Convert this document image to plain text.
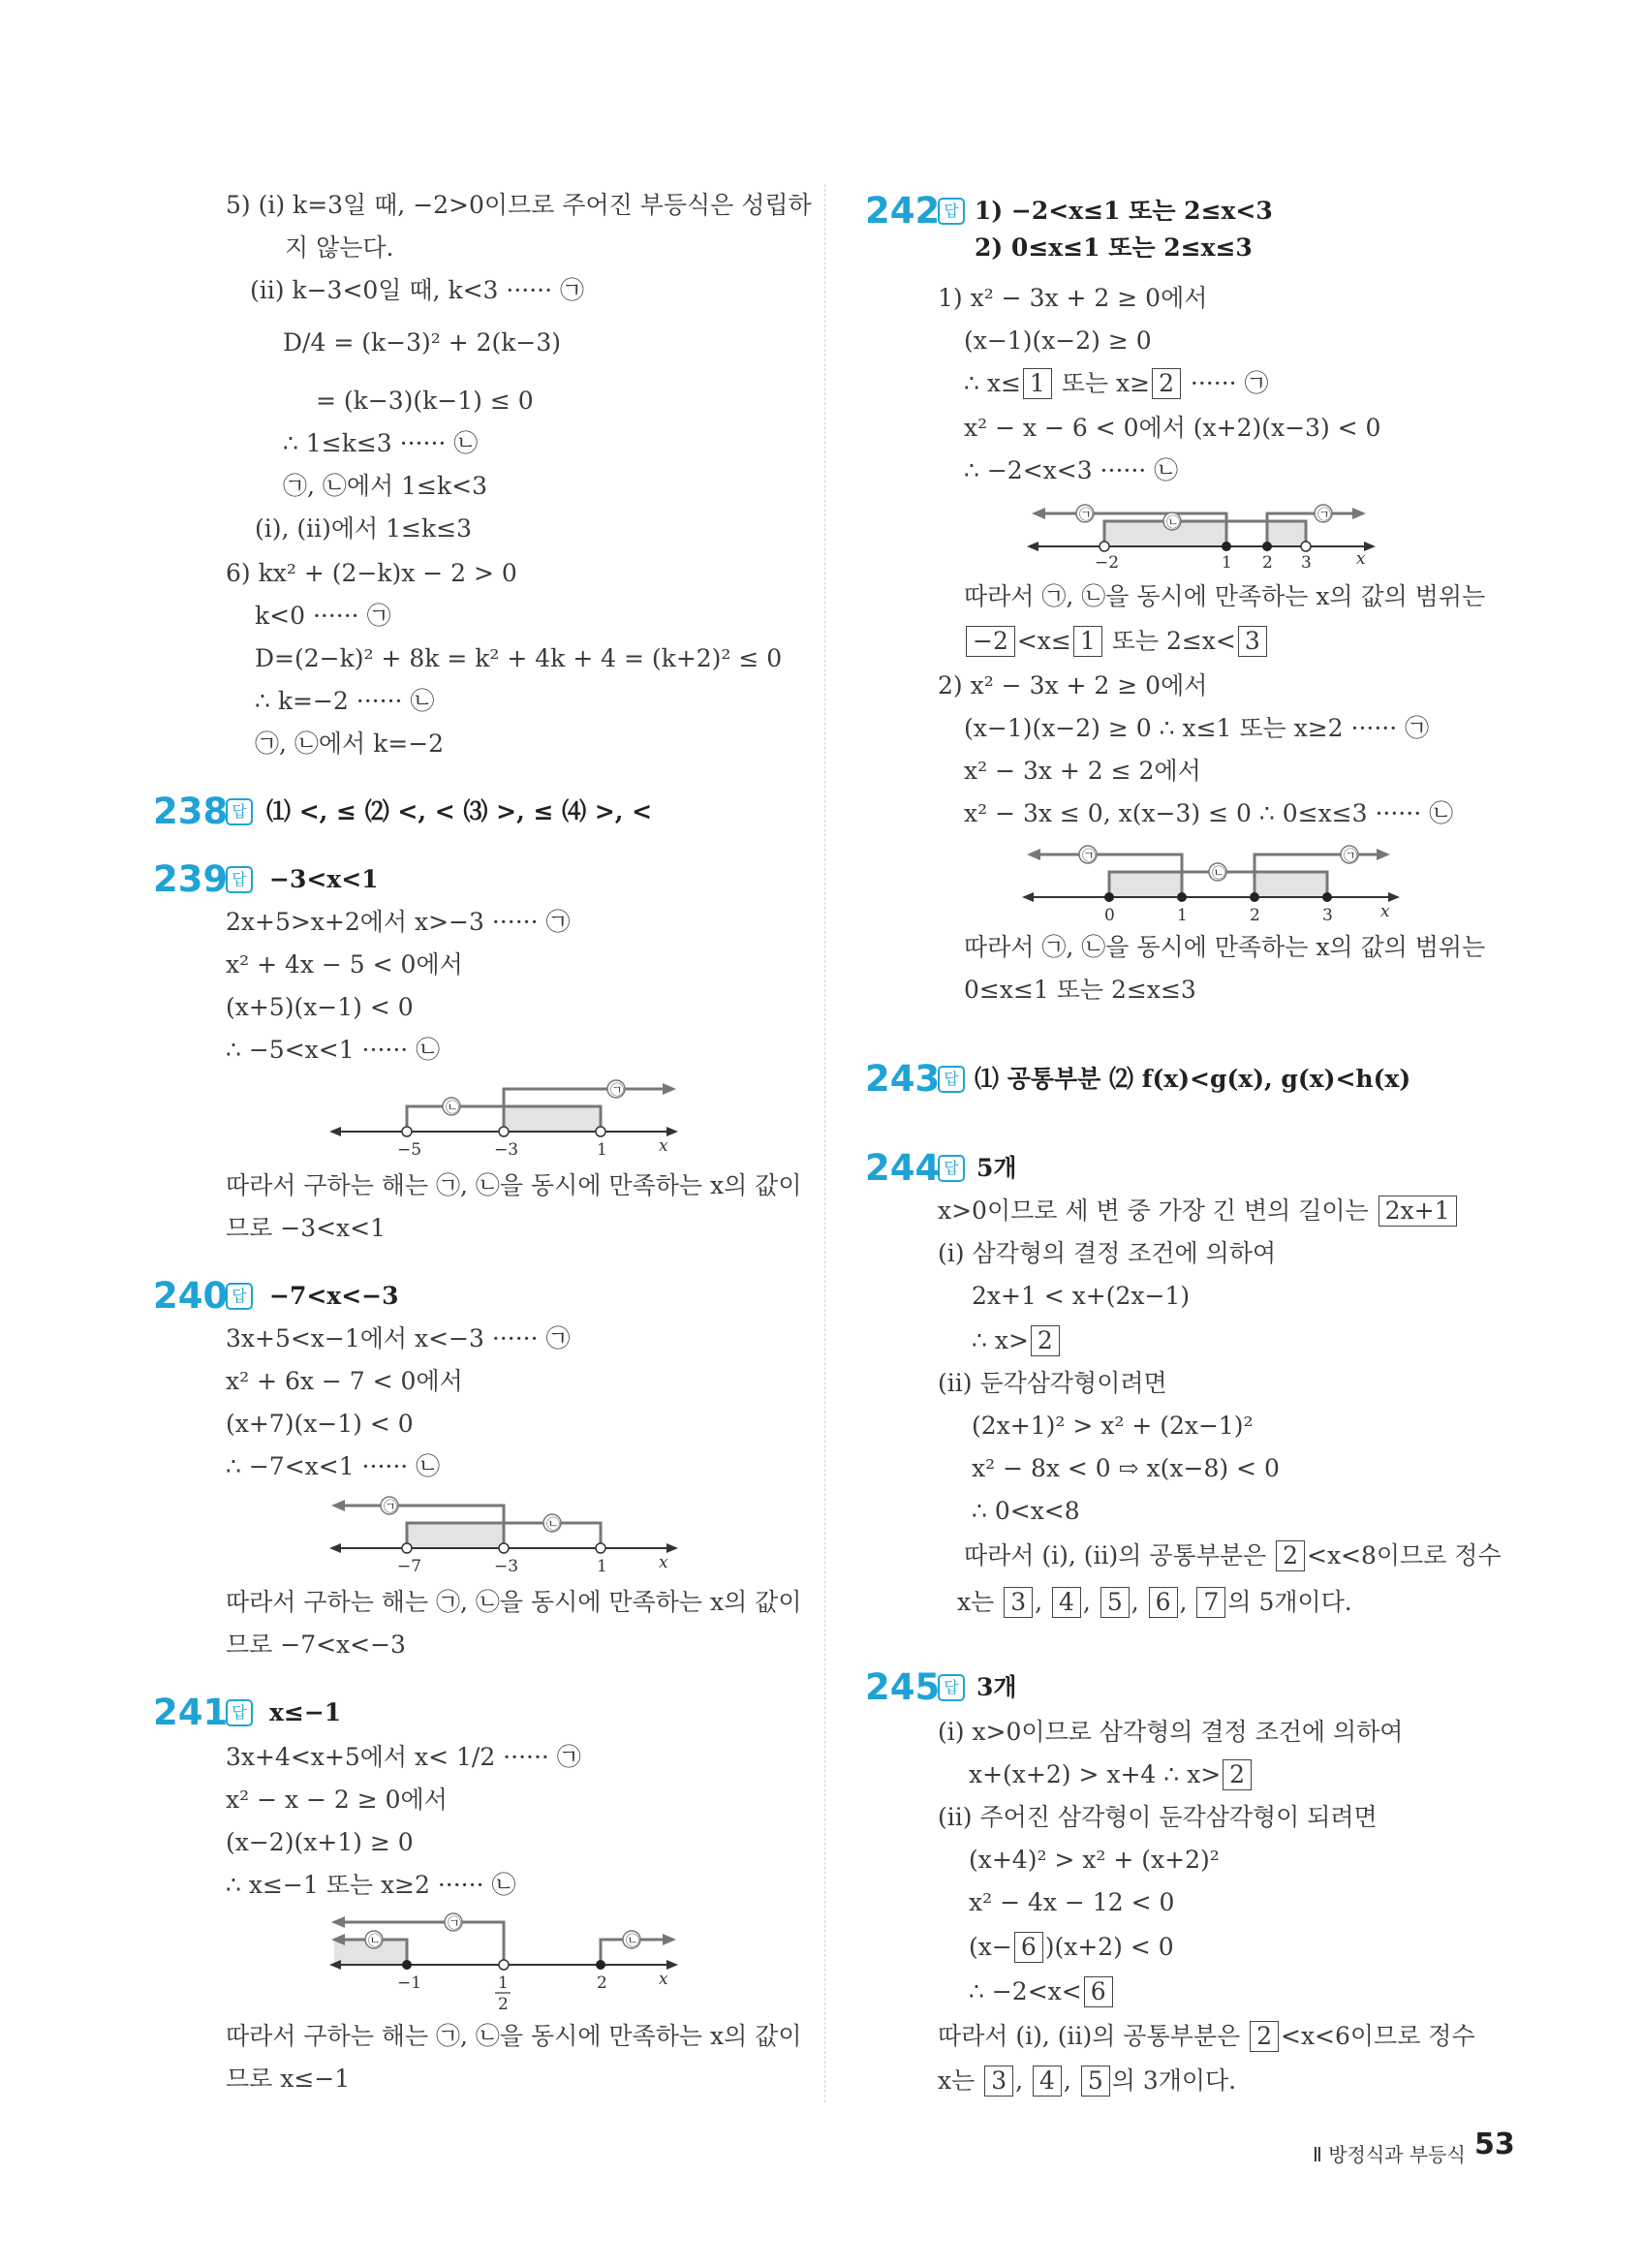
5) (ⅰ) k=3일 때, −2>0이므로 주어진 부등식은 성립하
지 않는다.
(ⅱ) k−3<0일 때, k<3 ······ ㉠
D/4 = (k−3)² + 2(k−3)
= (k−3)(k−1) ≤ 0
∴ 1≤k≤3 ······ ㉡
㉠, ㉡에서 1≤k<3
(ⅰ), (ⅱ)에서 1≤k≤3
6) kx² + (2−k)x − 2 > 0
k<0 ······ ㉠
D=(2−k)² + 8k = k² + 4k + 4 = (k+2)² ≤ 0
∴ k=−2 ······ ㉡
㉠, ㉡에서 k=−2
238 답 ⑴ <, ≤ ⑵ <, < ⑶ >, ≤ ⑷ >, <
239 답 −3<x<1
2x+5>x+2에서 x>−3 ······ ㉠
x² + 4x − 5 < 0에서
(x+5)(x−1) < 0
∴ −5<x<1 ······ ㉡
㉡
㉠
−5	−3	1	x
따라서 구하는 해는 ㉠, ㉡을 동시에 만족하는 x의 값이
므로 −3<x<1
240 답 −7<x<−3
3x+5<x−1에서 x<−3 ······ ㉠
x² + 6x − 7 < 0에서
(x+7)(x−1) < 0
∴ −7<x<1 ······ ㉡
㉠
㉡
−7	−3	1	x
따라서 구하는 해는 ㉠, ㉡을 동시에 만족하는 x의 값이
므로 −7<x<−3
241 답 x≤−1
3x+4<x+5에서 x< 1/2 ······ ㉠
x² − x − 2 ≥ 0에서
(x−2)(x+1) ≥ 0
∴ x≤−1 또는 x≥2 ······ ㉡
㉡
㉠
㉡
−1	1
2
2	x
따라서 구하는 해는 ㉠, ㉡을 동시에 만족하는 x의 값이
므로 x≤−1
242 답 1) −2<x≤1 또는 2≤x<3
2) 0≤x≤1 또는 2≤x≤3
1) x² − 3x + 2 ≥ 0에서
(x−1)(x−2) ≥ 0
∴ x≤ 1 또는 x≥ 2 ······ ㉠
x² − x − 6 < 0에서 (x+2)(x−3) < 0
∴ −2<x<3 ······ ㉡
㉠	㉡	㉠
−2	1 2 3	x
따라서 ㉠, ㉡을 동시에 만족하는 x의 값의 범위는
−2 <x≤ 1 또는 2≤x< 3
2) x² − 3x + 2 ≥ 0에서
(x−1)(x−2) ≥ 0 ∴ x≤1 또는 x≥2 ······ ㉠
x² − 3x + 2 ≤ 2에서
x² − 3x ≤ 0, x(x−3) ≤ 0 ∴ 0≤x≤3 ······ ㉡
㉠
㉡
㉠
0	1	2	3	x
따라서 ㉠, ㉡을 동시에 만족하는 x의 값의 범위는
0≤x≤1 또는 2≤x≤3
243 답 ⑴ 공통부분 ⑵ f(x)<g(x), g(x)<h(x)
244 답 5개
x>0이므로 세 변 중 가장 긴 변의 길이는 2x+1
(ⅰ) 삼각형의 결정 조건에 의하여
2x+1 < x+(2x−1)
∴ x> 2
(ⅱ) 둔각삼각형이려면
(2x+1)² > x² + (2x−1)²
x² − 8x < 0 ⇨ x(x−8) < 0
∴ 0<x<8
따라서 (ⅰ), (ⅱ)의 공통부분은 2 <x<8이므로 정수
x는 3 , 4 , 5 , 6 , 7 의 5개이다.
245 답 3개
(ⅰ) x>0이므로 삼각형의 결정 조건에 의하여
x+(x+2) > x+4 ∴ x> 2
(ⅱ) 주어진 삼각형이 둔각삼각형이 되려면
(x+4)² > x² + (x+2)²
x² − 4x − 12 < 0
(x− 6 )(x+2) < 0
∴ −2<x< 6
따라서 (ⅰ), (ⅱ)의 공통부분은 2 <x<6이므로 정수
x는 3 , 4 , 5 의 3개이다.
Ⅱ 방정식과 부등식 53
